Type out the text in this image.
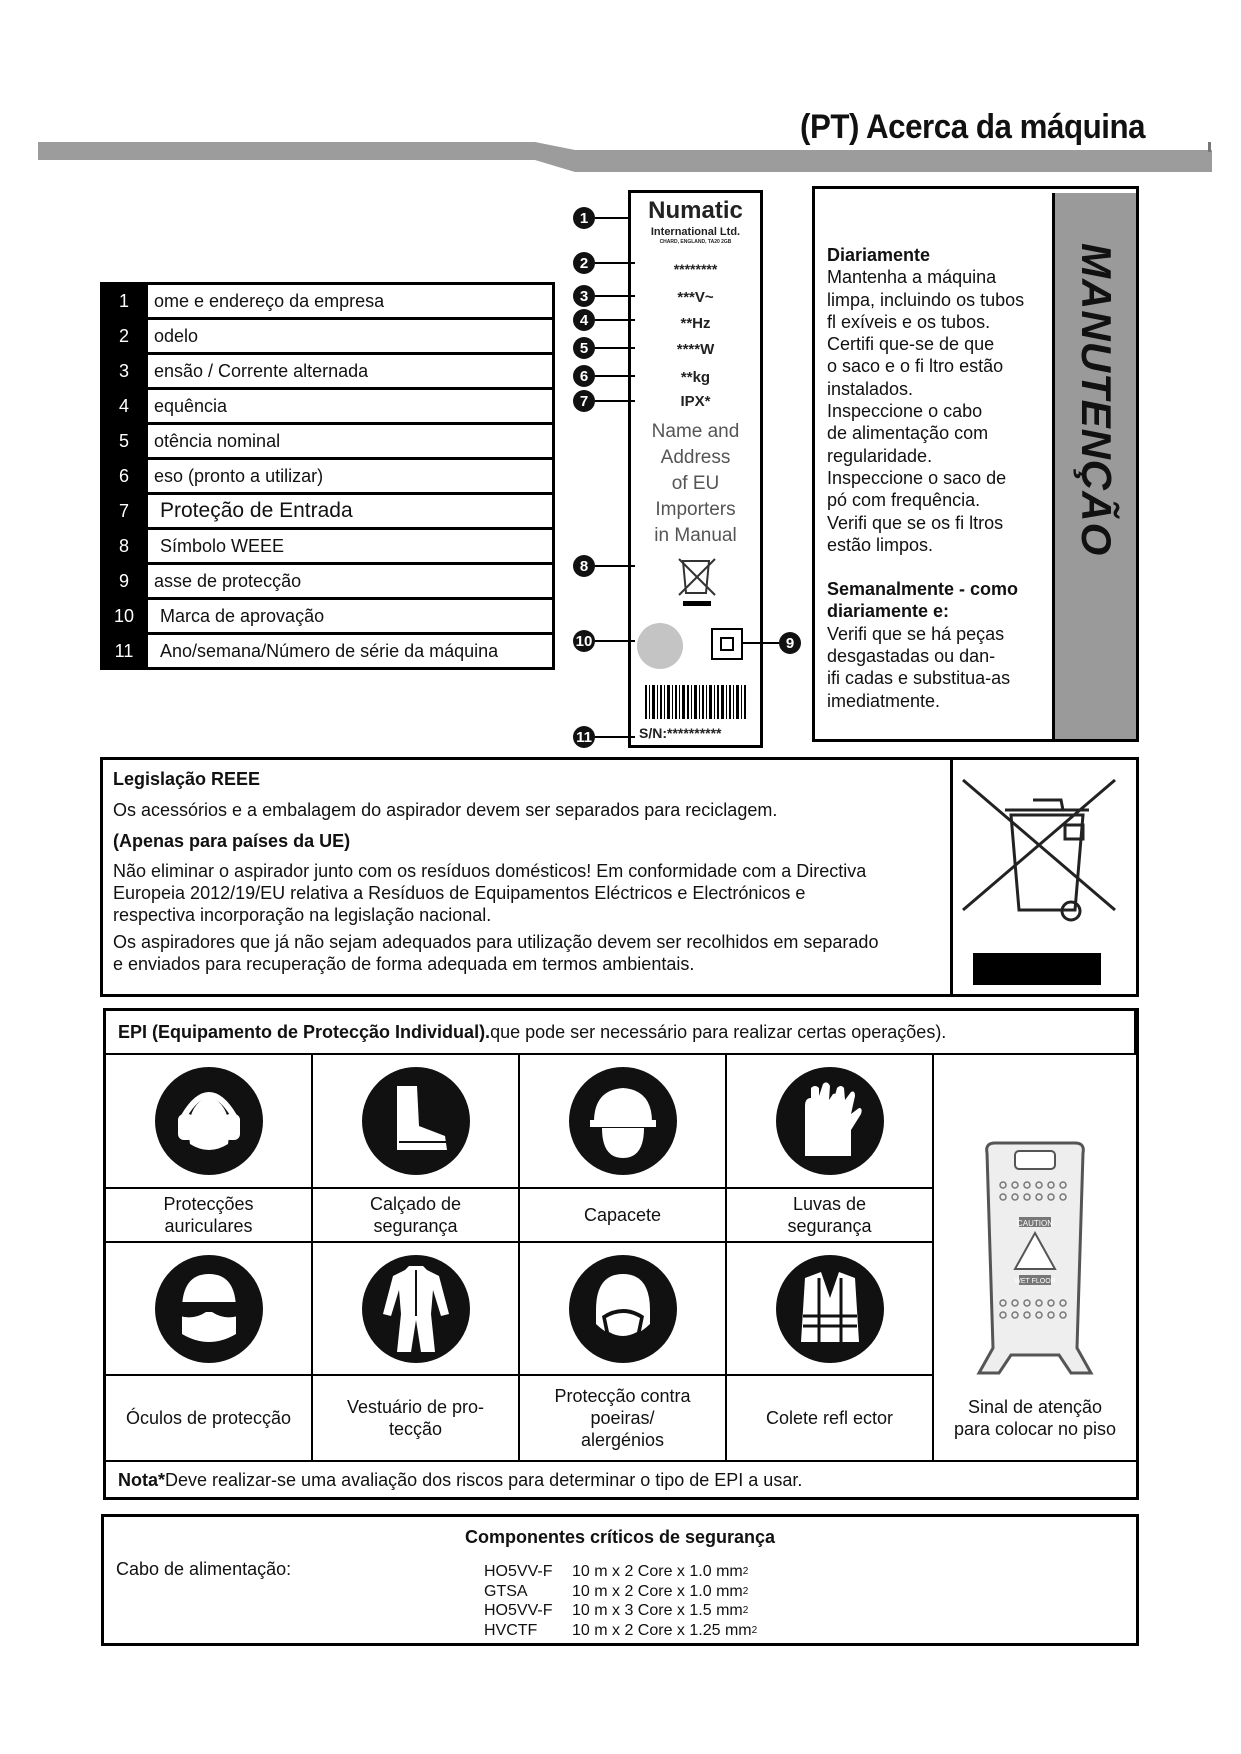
(PT) Acerca da máquina
1	ome e endereço da empresa
2	odelo
3	ensão / Corrente alternada
4	equência
5	otência nominal
6	eso (pronto a utilizar)
7	Proteção de Entrada
8	Símbolo WEEE
9	asse de protecção
10	Marca de aprovação
11	Ano/semana/Número de série da máquina
Numatic
International Ltd.
CHARD, ENGLAND, TA20 2GB
********
***V~
**Hz
****W
**kg
IPX*
Name and
Address
of EU
Importers
in Manual
S/N:**********
1
2
3
4
5
6
7
8
10	9
11
Diariamente
Mantenha a máquina
limpa, incluindo os tubos
fl exíveis e os tubos.
Certifi que-se de que
o saco e o fi ltro estão
instalados.
Inspeccione o cabo
de alimentação com
regularidade.
Inspeccione o saco de
pó com frequência.
Verifi que se os fi ltros
estão limpos.
Semanalmente - como
diariamente e:
Verifi que se há peças
desgastadas ou dan-
ifi cadas e substitua-as
imediatmente.
MANUTENÇÃO
Legislação REEE
Os acessórios e a embalagem do aspirador devem ser separados para reciclagem.
(Apenas para países da UE)
Não eliminar o aspirador junto com os resíduos domésticos! Em conformidade com a Directiva
Europeia 2012/19/EU relativa a Resíduos de Equipamentos Eléctricos e Electrónicos e
respectiva incorporação na legislação nacional.
Os aspiradores que já não sejam adequados para utilização devem ser recolhidos em separado
e enviados para recuperação de forma adequada em termos ambientais.
EPI (Equipamento de Protecção Individual). que pode ser necessário para realizar certas operações).
CAUTION
WET FLOOR
Protecções
auriculares
Calçado de
segurança
Capacete
Luvas de
segurança
Óculos de protecção
Vestuário de pro-
tecção
Protecção contra
poeiras/
alergénios
Colete refl ector
Sinal de atenção
para colocar no piso
Nota* Deve realizar-se uma avaliação dos riscos para determinar o tipo de EPI a usar.
Componentes críticos de segurança
Cabo de alimentação:	HO5VV-F	10 m x 2 Core x 1.0 mm 2
GTSA	10 m x 2 Core x 1.0 mm 2
HO5VV-F	10 m x 3 Core x 1.5 mm 2
HVCTF	10 m x 2 Core x 1.25 mm 2
